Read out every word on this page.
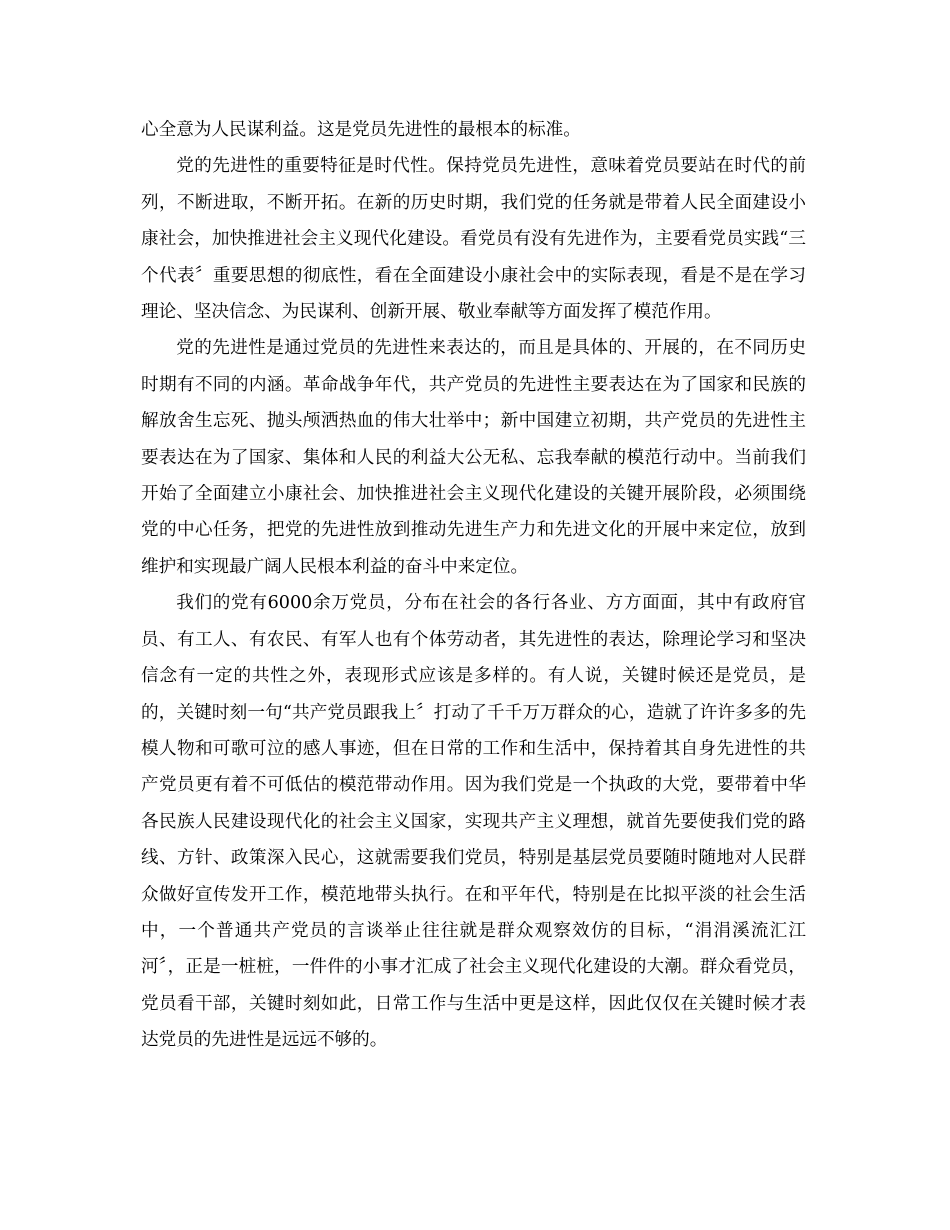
心全意为人民谋利益。这是党员先进性的最根本的标准。

党的先进性的重要特征是时代性。保持党员先进性，意味着党员要站在时代的前列，不断进取，不断开拓。在新的历史时期，我们党的任务就是带着人民全面建设小康社会，加快推进社会主义现代化建设。看党员有没有先进作为，主要看党员实践“三个代表〞重要思想的彻底性，看在全面建设小康社会中的实际表现，看是不是在学习理论、坚决信念、为民谋利、创新开展、敬业奉献等方面发挥了模范作用。

党的先进性是通过党员的先进性来表达的，而且是具体的、开展的，在不同历史时期有不同的内涵。革命战争年代，共产党员的先进性主要表达在为了国家和民族的解放舍生忘死、抛头颅洒热血的伟大壮举中；新中国建立初期，共产党员的先进性主要表达在为了国家、集体和人民的利益大公无私、忘我奉献的模范行动中。当前我们开始了全面建立小康社会、加快推进社会主义现代化建设的关键开展阶段，必须围绕党的中心任务，把党的先进性放到推动先进生产力和先进文化的开展中来定位，放到维护和实现最广阔人民根本利益的奋斗中来定位。

我们的党有6000余万党员，分布在社会的各行各业、方方面面，其中有政府官员、有工人、有农民、有军人也有个体劳动者，其先进性的表达，除理论学习和坚决信念有一定的共性之外，表现形式应该是多样的。有人说，关键时候还是党员，是的，关键时刻一句“共产党员跟我上〞打动了千千万万群众的心，造就了许许多多的先模人物和可歌可泣的感人事迹，但在日常的工作和生活中，保持着其自身先进性的共产党员更有着不可低估的模范带动作用。因为我们党是一个执政的大党，要带着中华各民族人民建设现代化的社会主义国家，实现共产主义理想，就首先要使我们党的路线、方针、政策深入民心，这就需要我们党员，特别是基层党员要随时随地对人民群众做好宣传发开工作，模范地带头执行。在和平年代，特别是在比拟平淡的社会生活中，一个普通共产党员的言谈举止往往就是群众观察效仿的目标，“涓涓溪流汇江河〞，正是一桩桩，一件件的小事才汇成了社会主义现代化建设的大潮。群众看党员，党员看干部，关键时刻如此，日常工作与生活中更是这样，因此仅仅在关键时候才表达党员的先进性是远远不够的。
